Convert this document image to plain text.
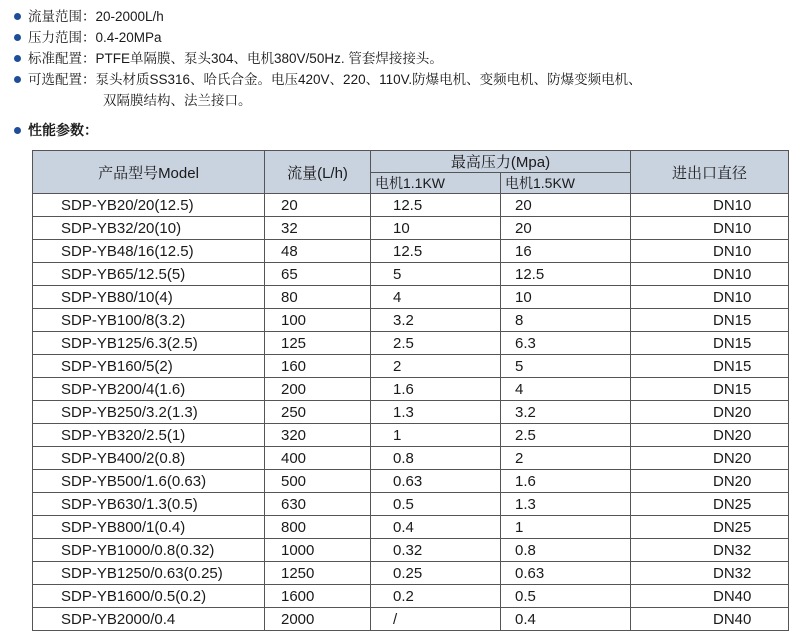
流量范围：20-2000L/h
压力范围：0.4-20MPa
标准配置：PTFE单隔膜、泵头304、电机380V/50Hz. 管套焊接接头。
可选配置：泵头材质SS316、哈氏合金。电压420V、220、110V.防爆电机、变频电机、防爆变频电机、
双隔膜结构、法兰接口。
性能参数：
产品型号Model	流量(L/h)	最高压力(Mpa)		进出口直径
		电机1.1KW	电机1.5KW	
SDP-YB20/20(12.5)	20	12.5	20	DN10
SDP-YB32/20(10)	32	10	20	DN10
SDP-YB48/16(12.5)	48	12.5	16	DN10
SDP-YB65/12.5(5)	65	5	12.5	DN10
SDP-YB80/10(4)	80	4	10	DN10
SDP-YB100/8(3.2)	100	3.2	8	DN15
SDP-YB125/6.3(2.5)	125	2.5	6.3	DN15
SDP-YB160/5(2)	160	2	5	DN15
SDP-YB200/4(1.6)	200	1.6	4	DN15
SDP-YB250/3.2(1.3)	250	1.3	3.2	DN20
SDP-YB320/2.5(1)	320	1	2.5	DN20
SDP-YB400/2(0.8)	400	0.8	2	DN20
SDP-YB500/1.6(0.63)	500	0.63	1.6	DN20
SDP-YB630/1.3(0.5)	630	0.5	1.3	DN25
SDP-YB800/1(0.4)	800	0.4	1	DN25
SDP-YB1000/0.8(0.32)	1000	0.32	0.8	DN32
SDP-YB1250/0.63(0.25)	1250	0.25	0.63	DN32
SDP-YB1600/0.5(0.2)	1600	0.2	0.5	DN40
SDP-YB2000/0.4	2000	/	0.4	DN40
